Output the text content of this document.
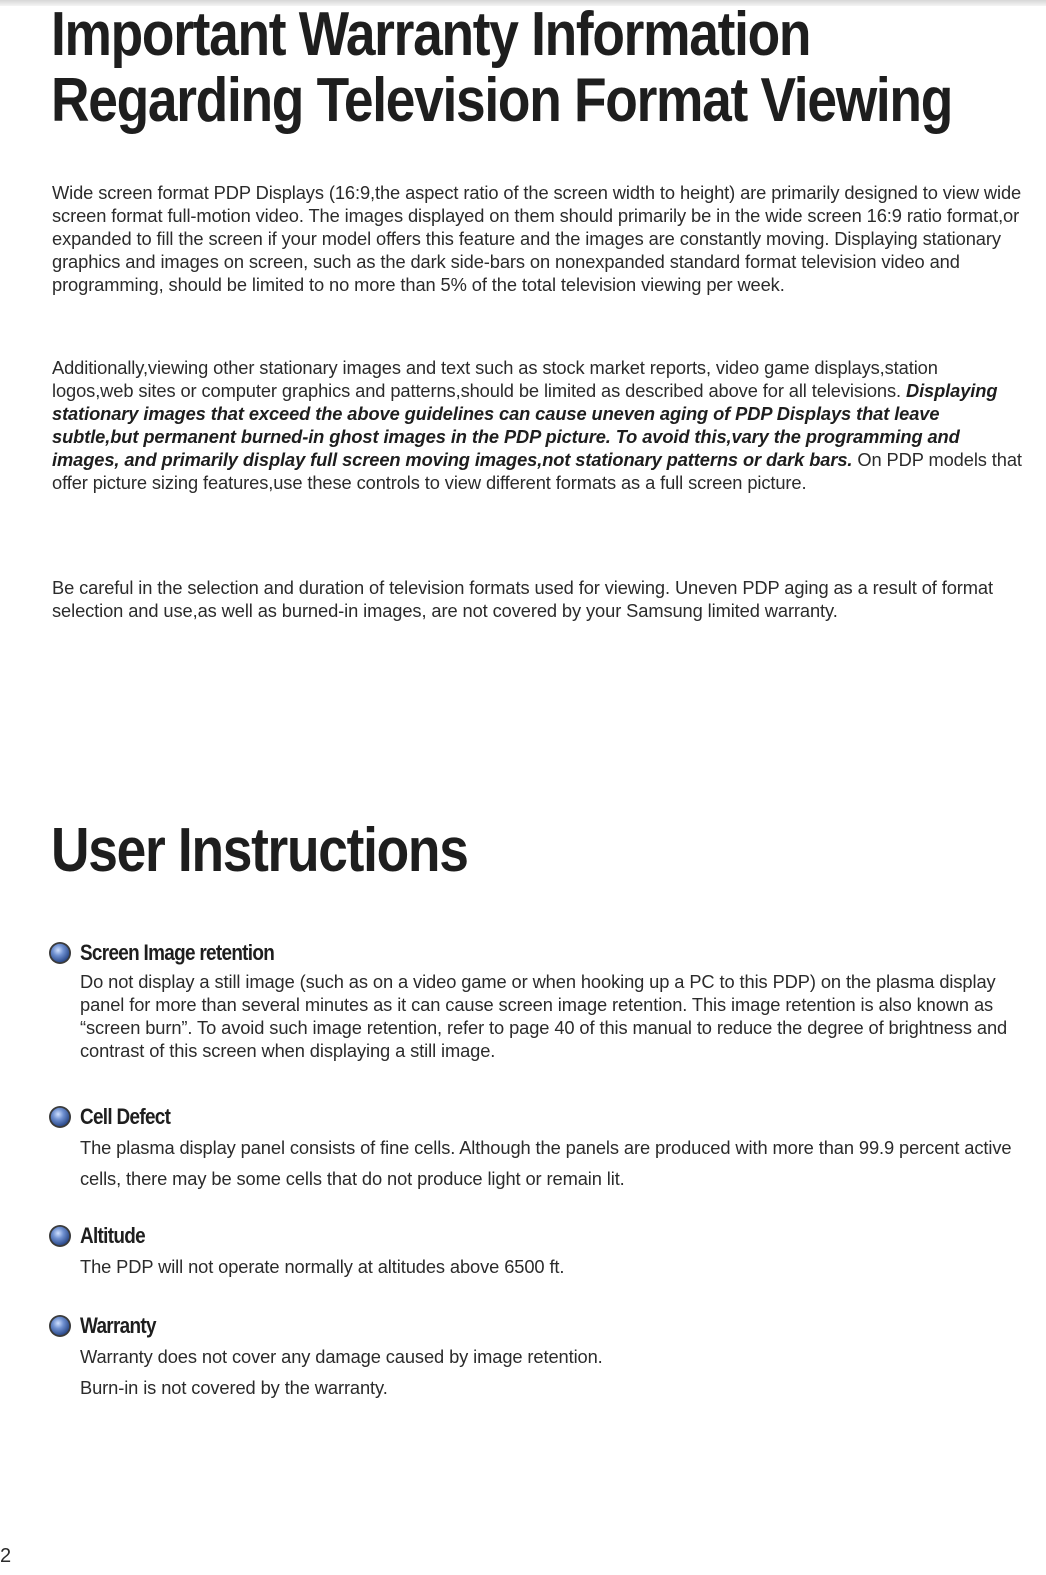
Important Warranty Information
Regarding Television Format Viewing

Wide screen format PDP Displays (16:9,the aspect ratio of the screen width to height) are primarily designed to view wide screen format full-motion video. The images displayed on them should primarily be in the wide screen 16:9 ratio format,or expanded to fill the screen if your model offers this feature and the images are constantly moving. Displaying stationary graphics and images on screen, such as the dark side-bars on nonexpanded standard format television video and programming, should be limited to no more than 5% of the total television viewing per week.

Additionally,viewing other stationary images and text such as stock market reports, video game displays,station logos,web sites or computer graphics and patterns,should be limited as described above for all televisions. Displaying stationary images that exceed the above guidelines can cause uneven aging of PDP Displays that leave subtle,but permanent burned-in ghost images in the PDP picture. To avoid this,vary the programming and images, and primarily display full screen moving images,not stationary patterns or dark bars. On PDP models that offer picture sizing features,use these controls to view different formats as a full screen picture.

Be careful in the selection and duration of television formats used for viewing. Uneven PDP aging as a result of format selection and use,as well as burned-in images, are not covered by your Samsung limited warranty.

User Instructions
Screen Image retention
Do not display a still image (such as on a video game or when hooking up a PC to this PDP) on the plasma display panel for more than several minutes as it can cause screen image retention. This image retention is also known as “screen burn”. To avoid such image retention, refer to page 40 of this manual to reduce the degree of brightness and contrast of this screen when displaying a still image.
Cell Defect
The plasma display panel consists of fine cells. Although the panels are produced with more than 99.9 percent active cells, there may be some cells that do not produce light or remain lit.
Altitude
The PDP will not operate normally at altitudes above 6500 ft.
Warranty
Warranty does not cover any damage caused by image retention.
Burn-in is not covered by the warranty.
2
